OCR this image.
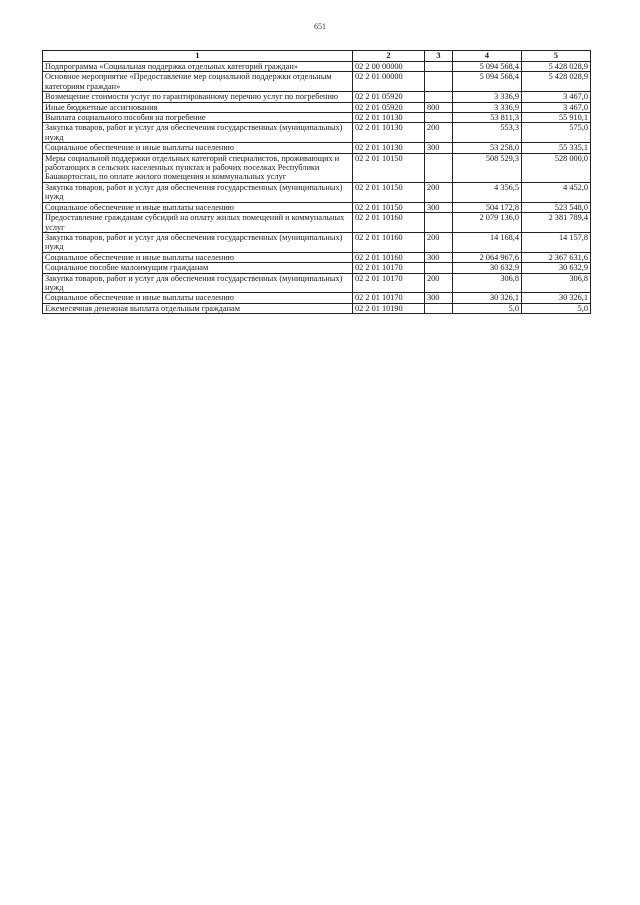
651
1	2	3	4	5
Подпрограмма «Социальная поддержка отдельных категорий граждан»	02 2 00 00000		5 094 568,4	5 428 028,9
Основное мероприятие «Предоставление мер социальной поддержки отдельным категориям граждан»	02 2 01 00000		5 094 568,4	5 428 028,9
Возмещение стоимости услуг по гарантированному перечню услуг по погребению	02 2 01 05920		3 336,9	3 467,0
Иные бюджетные ассигнования	02 2 01 05920	800	3 336,9	3 467,0
Выплата социального пособия на погребение	02 2 01 10130		53 811,3	55 910,1
Закупка товаров, работ и услуг для обеспечения государственных (муниципальных) нужд	02 2 01 10130	200	553,3	575,0
Социальное обеспечение и иные выплаты населению	02 2 01 10130	300	53 258,0	55 335,1
Меры социальной поддержки отдельных категорий специалистов, проживающих и работающих в сельских населенных пунктах и рабочих поселках Республики Башкортостан, по оплате жилого помещения и коммунальных услуг	02 2 01 10150		508 529,3	528 000,0
Закупка товаров, работ и услуг для обеспечения государственных (муниципальных) нужд	02 2 01 10150	200	4 356,5	4 452,0
Социальное обеспечение и иные выплаты населению	02 2 01 10150	300	504 172,8	523 548,0
Предоставление гражданам субсидий на оплату жилых помещений и коммунальных услуг	02 2 01 10160		2 079 136,0	2 381 789,4
Закупка товаров, работ и услуг для обеспечения государственных (муниципальных) нужд	02 2 01 10160	200	14 168,4	14 157,8
Социальное обеспечение и иные выплаты населению	02 2 01 10160	300	2 064 967,6	2 367 631,6
Социальное пособие малоимущим гражданам	02 2 01 10170		30 632,9	30 632,9
Закупка товаров, работ и услуг для обеспечения государственных (муниципальных) нужд	02 2 01 10170	200	306,8	306,8
Социальное обеспечение и иные выплаты населению	02 2 01 10170	300	30 326,1	30 326,1
Ежемесячная денежная выплата отдельным гражданам	02 2 01 10190		5,0	5,0
